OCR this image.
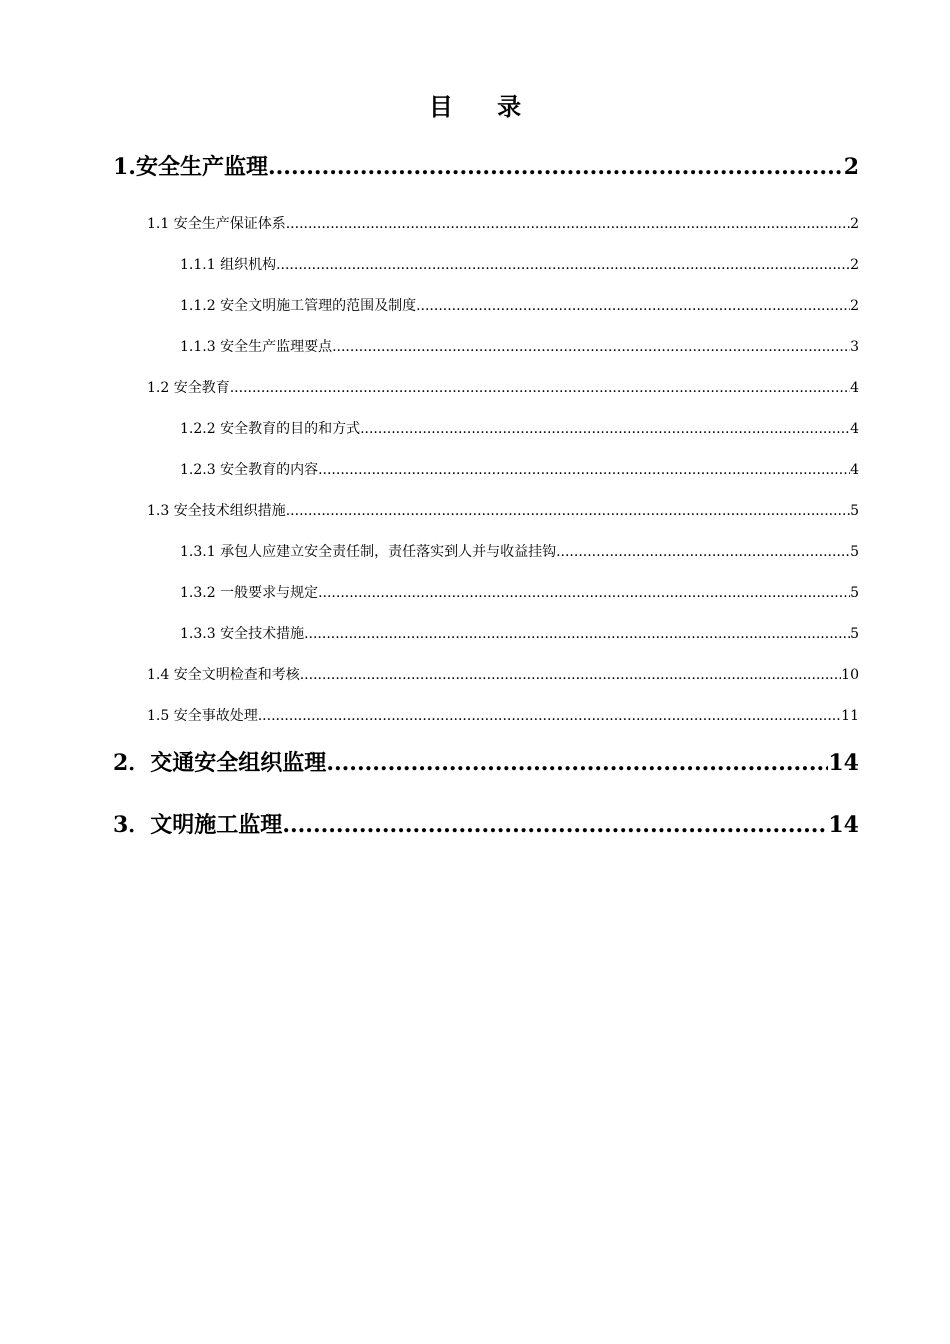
目 录
1.安全生产监理 .....	2
1.1 安全生产保证体系 .....	2
1.1.1 组织机构 .....	2
1.1.2 安全文明施工管理的范围及制度 .....	2
1.1.3 安全生产监理要点 .....	3
1.2 安全教育 .....	4
1.2.2 安全教育的目的和方式 .....	4
1.2.3 安全教育的内容 .....	4
1.3 安全技术组织措施 .....	5
1.3.1 承包人应建立安全责任制，责任落实到人并与收益挂钩 .....	5
1.3.2 一般要求与规定 .....	5
1.3.3 安全技术措施 .....	5
1.4 安全文明检查和考核 .....	10
1.5 安全事故处理 .....	11
2．交通安全组织监理 .....	14
3．文明施工监理 .....	14
